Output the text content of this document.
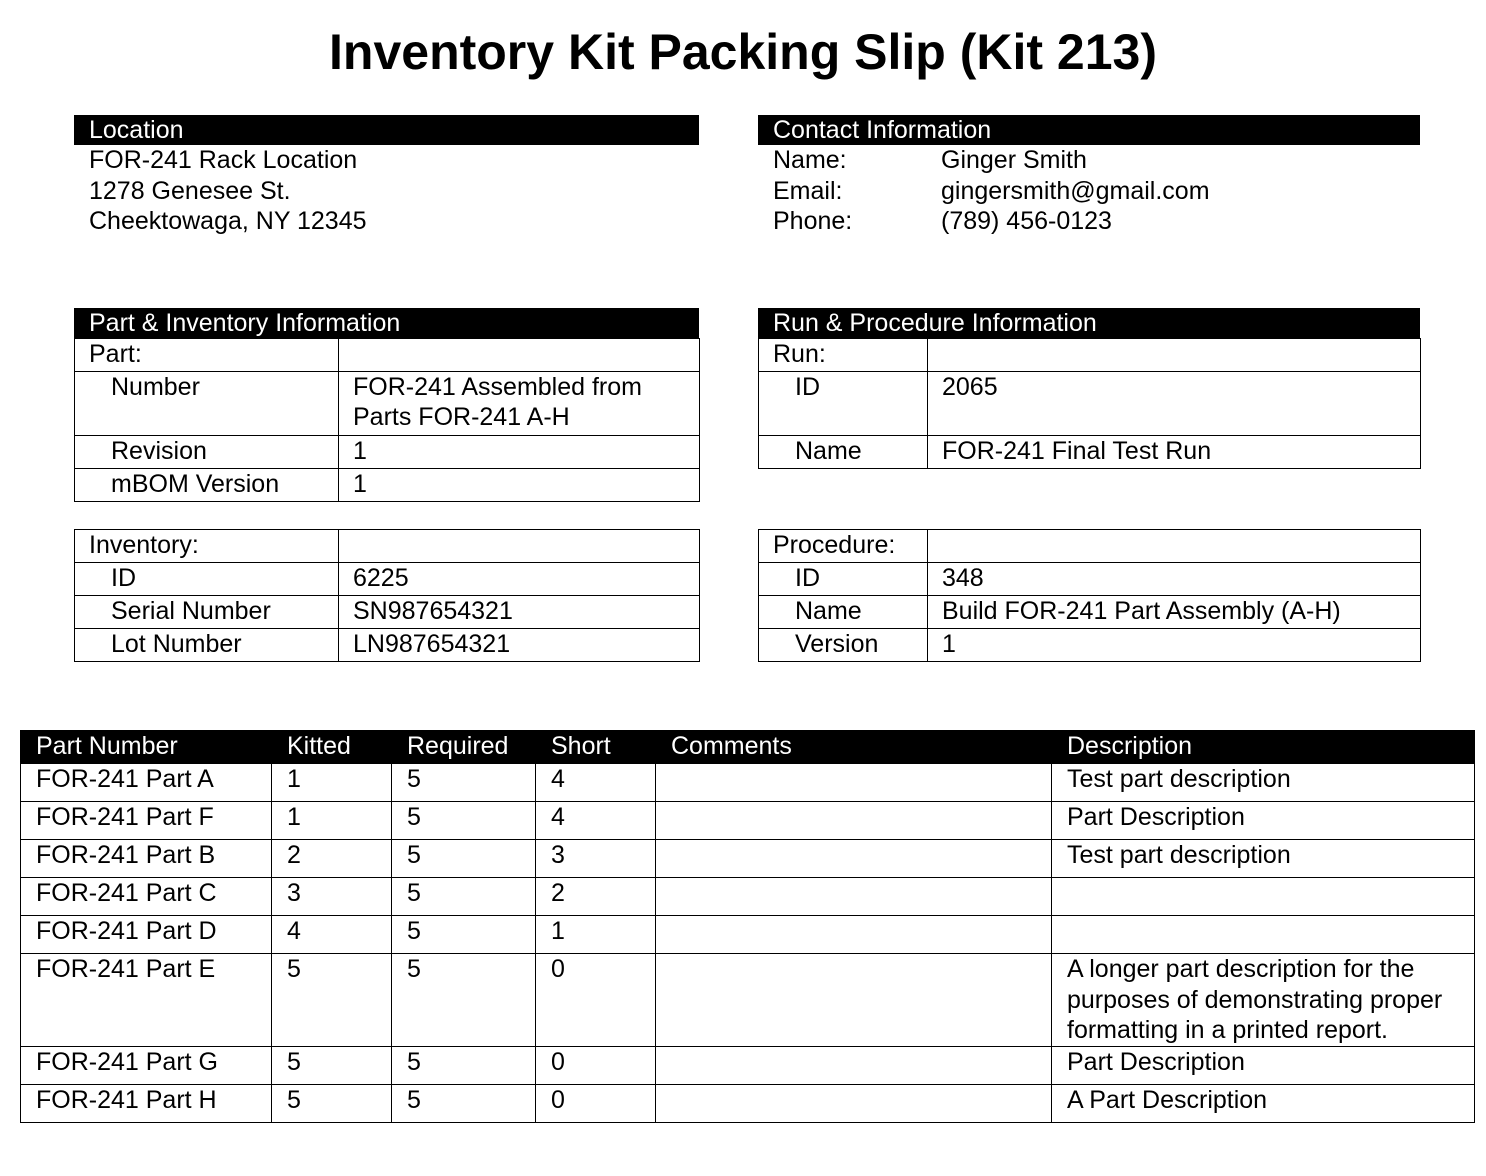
Inventory Kit Packing Slip (Kit 213)
Location
FOR-241 Rack Location
1278 Genesee St.
Cheektowaga, NY 12345
Contact Information
Name:	Ginger Smith
Email:	gingersmith@gmail.com
Phone:	(789) 456-0123
Part & Inventory Information
Part:	
Number	FOR-241 Assembled from Parts FOR-241 A-H
Revision	1
mBOM Version	1
Inventory:	
ID	6225
Serial Number	SN987654321
Lot Number	LN987654321
Run & Procedure Information
Run:	
ID	2065
Name	FOR-241 Final Test Run
Procedure:	
ID	348
Name	Build FOR-241 Part Assembly (A-H)
Version	1
Part Number	Kitted	Required	Short	Comments	Description
FOR-241 Part A	1	5	4		Test part description
FOR-241 Part F	1	5	4		Part Description
FOR-241 Part B	2	5	3		Test part description
FOR-241 Part C	3	5	2		
FOR-241 Part D	4	5	1		
FOR-241 Part E	5	5	0		A longer part description for the purposes of demonstrating proper formatting in a printed report.
FOR-241 Part G	5	5	0		Part Description
FOR-241 Part H	5	5	0		A Part Description
